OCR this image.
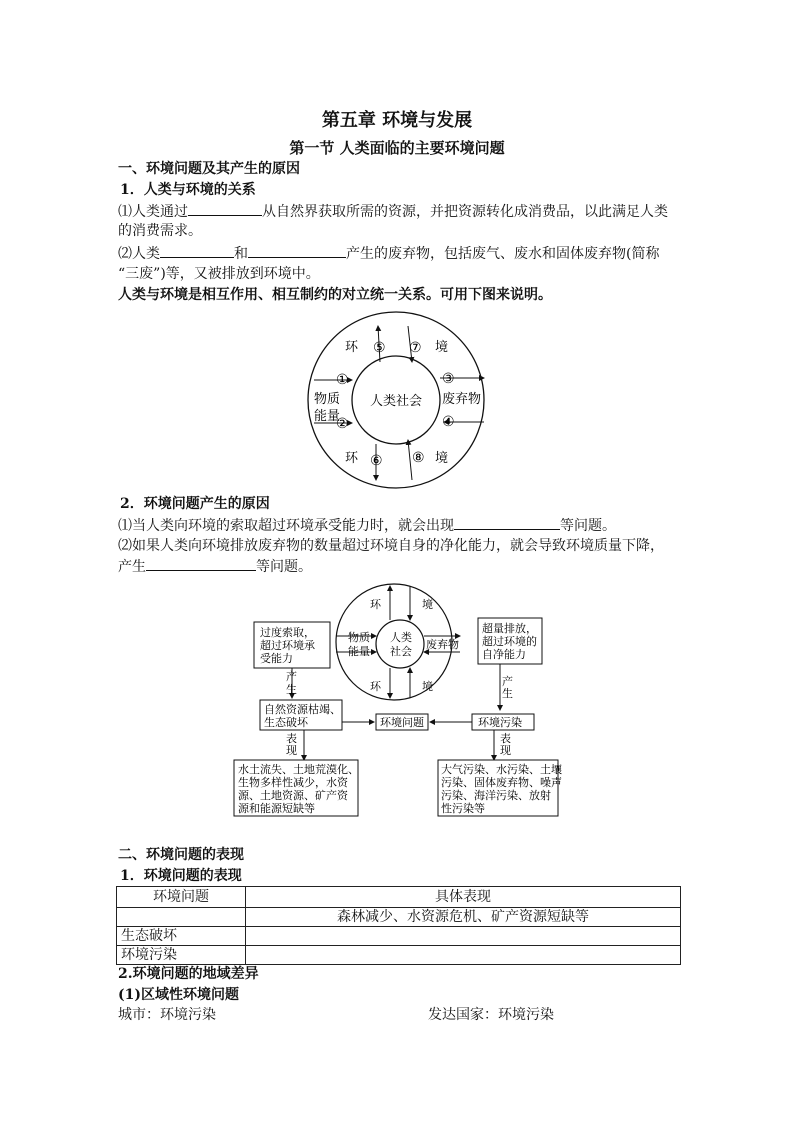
第五章 环境与发展
第一节 人类面临的主要环境问题
一、环境问题及其产生的原因
1．人类与环境的关系
⑴人类通过	从自然界获取所需的资源，并把资源转化成消费品，以此满足人类
的消费需求。
⑵人类	和	产生的废弃物，包括废气、废水和固体废弃物(简称
“三废”)等，又被排放到环境中。
人类与环境是相互作用、相互制约的对立统一关系。可用下图来说明。
环	境
环	境
人类社会
物质
能量
废弃物
①
②
③
④
⑤
⑥
⑦
⑧
2．环境问题产生的原因
⑴当人类向环境的索取超过环境承受能力时，就会出现	等问题。
⑵如果人类向环境排放废弃物的数量超过环境自身的净化能力，就会导致环境质量下降，
产生	等问题。
环	境
环	境
物质
能量
人类
社会
废弃物
过度索取，
超过环境承
受能力
超量排放，
超过环境的
自净能力
产
生
产
生
自然资源枯竭、
生态破坏	环境问题	环境污染
表
现
表
现
水土流失、土地荒漠化、
生物多样性减少，水资
源、土地资源、矿产资
源和能源短缺等
大气污染、水污染、土壤
污染、固体废弃物、噪声
污染、海洋污染、放射
性污染等
二、环境问题的表现
1．环境问题的表现
环境问题	具体表现
	森林减少、水资源危机、矿产资源短缺等
生态破坏	
环境污染	
2.环境问题的地域差异
(1)区域性环境问题
城市：环境污染	发达国家：环境污染
